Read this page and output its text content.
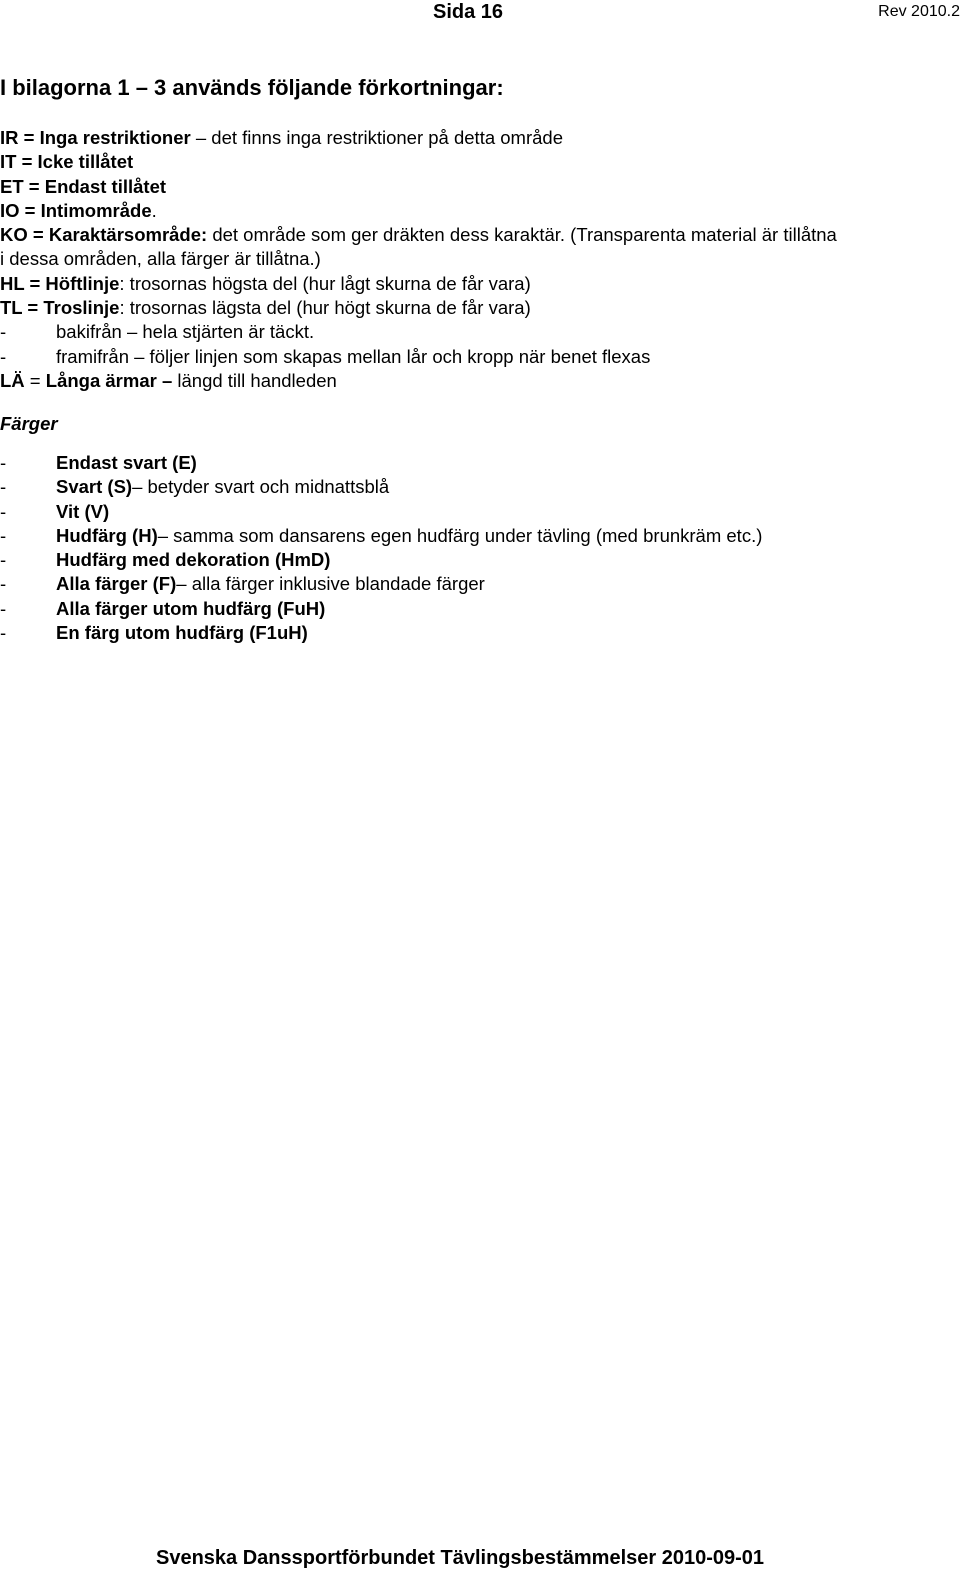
Sida 16	Rev 2010.2
I bilagorna 1 – 3 används följande förkortningar:
IR = Inga restriktioner – det finns inga restriktioner på detta område
IT = Icke tillåtet
ET = Endast tillåtet
IO = Intimområde.
KO = Karaktärsområde: det område som ger dräkten dess karaktär. (Transparenta material är tillåtna
i dessa områden, alla färger är tillåtna.)
HL = Höftlinje: trosornas högsta del (hur lågt skurna de får vara)
TL = Troslinje: trosornas lägsta del (hur högt skurna de får vara)
-	bakifrån – hela stjärten är täckt.
-	framifrån – följer linjen som skapas mellan lår och kropp när benet flexas
LÄ = Långa ärmar – längd till handleden
Färger
-	Endast svart (E)
-	Svart (S) – betyder svart och midnattsblå
-	Vit (V)
-	Hudfärg (H) – samma som dansarens egen hudfärg under tävling (med brunkräm etc.)
-	Hudfärg med dekoration (HmD)
-	Alla färger (F) – alla färger inklusive blandade färger
-	Alla färger utom hudfärg (FuH)
-	En färg utom hudfärg (F1uH)
Svenska Danssportförbundet Tävlingsbestämmelser 2010-09-01
